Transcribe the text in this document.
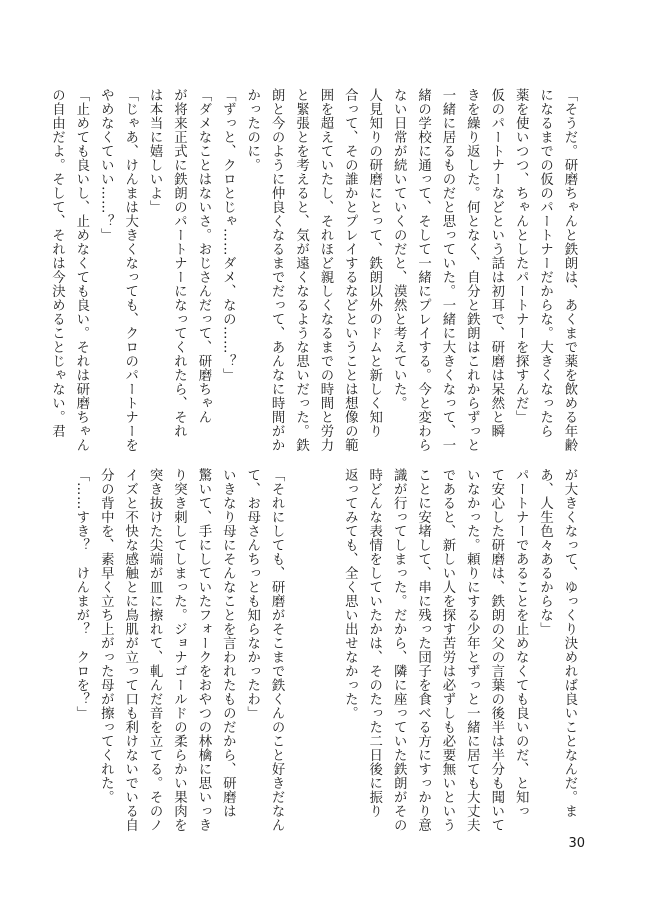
「そうだ。研磨ちゃんと鉄朗は、あくまで薬を飲める年齢
になるまでの仮のパートナーだからな。大きくなったら
薬を使いつつ、ちゃんとしたパートナーを探すんだ」
仮のパートナーなどという話は初耳で、研磨は呆然と瞬
きを繰り返した。何となく、自分と鉄朗はこれからずっと
一緒に居るものだと思っていた。一緒に大きくなって、一
緒の学校に通って、そして一緒にプレイする。今と変わら
ない日常が続いていくのだと、漠然と考えていた。
人見知りの研磨にとって、鉄朗以外のドムと新しく知り
合って、その誰かとプレイするなどということは想像の範
囲を超えていたし、それほど親しくなるまでの時間と労力
と緊張とを考えると、気が遠くなるような思いだった。鉄
朗と今のように仲良くなるまでだって、あんなに時間がか
かったのに。
「ずっと、クロとじゃ……ダメ、なの……？」
「ダメなことはないさ。おじさんだって、研磨ちゃん
が将来正式に鉄朗のパートナーになってくれたら、それ
は本当に嬉しいよ」
「じゃあ、けんまは大きくなっても、クロのパートナーを
やめなくていい……？」
「止めても良いし、止めなくても良い。それは研磨ちゃん
の自由だよ。そして、それは今決めることじゃない。君
が大きくなって、ゆっくり決めれば良いことなんだ。ま
あ、人生色々あるからな」
パートナーであることを止めなくても良いのだ、と知っ
て安心した研磨は、鉄朗の父の言葉の後半は半分も聞いて
いなかった。頼りにする少年とずっと一緒に居ても大丈夫
であると、新しい人を探す苦労は必ずしも必要無いという
ことに安堵して、串に残った団子を食べる方にすっかり意
識が行ってしまった。だから、隣に座っていた鉄朗がその
時どんな表情をしていたかは、そのたった二日後に振り
返ってみても、全く思い出せなかった。
「それにしても、研磨がそこまで鉄くんのこと好きだなん
て、お母さんちっとも知らなかったわ」
いきなり母にそんなことを言われたものだから、研磨は
驚いて、手にしていたフォークをおやつの林檎に思いっき
り突き刺してしまった。ジョナゴールドの柔らかい果肉を
突き抜けた尖端が皿に擦れて、軋んだ音を立てる。そのノ
イズと不快な感触とに鳥肌が立って口も利けないでいる自
分の背中を、素早く立ち上がった母が擦ってくれた。
「……すき？　けんまが？　クロを？」
30
